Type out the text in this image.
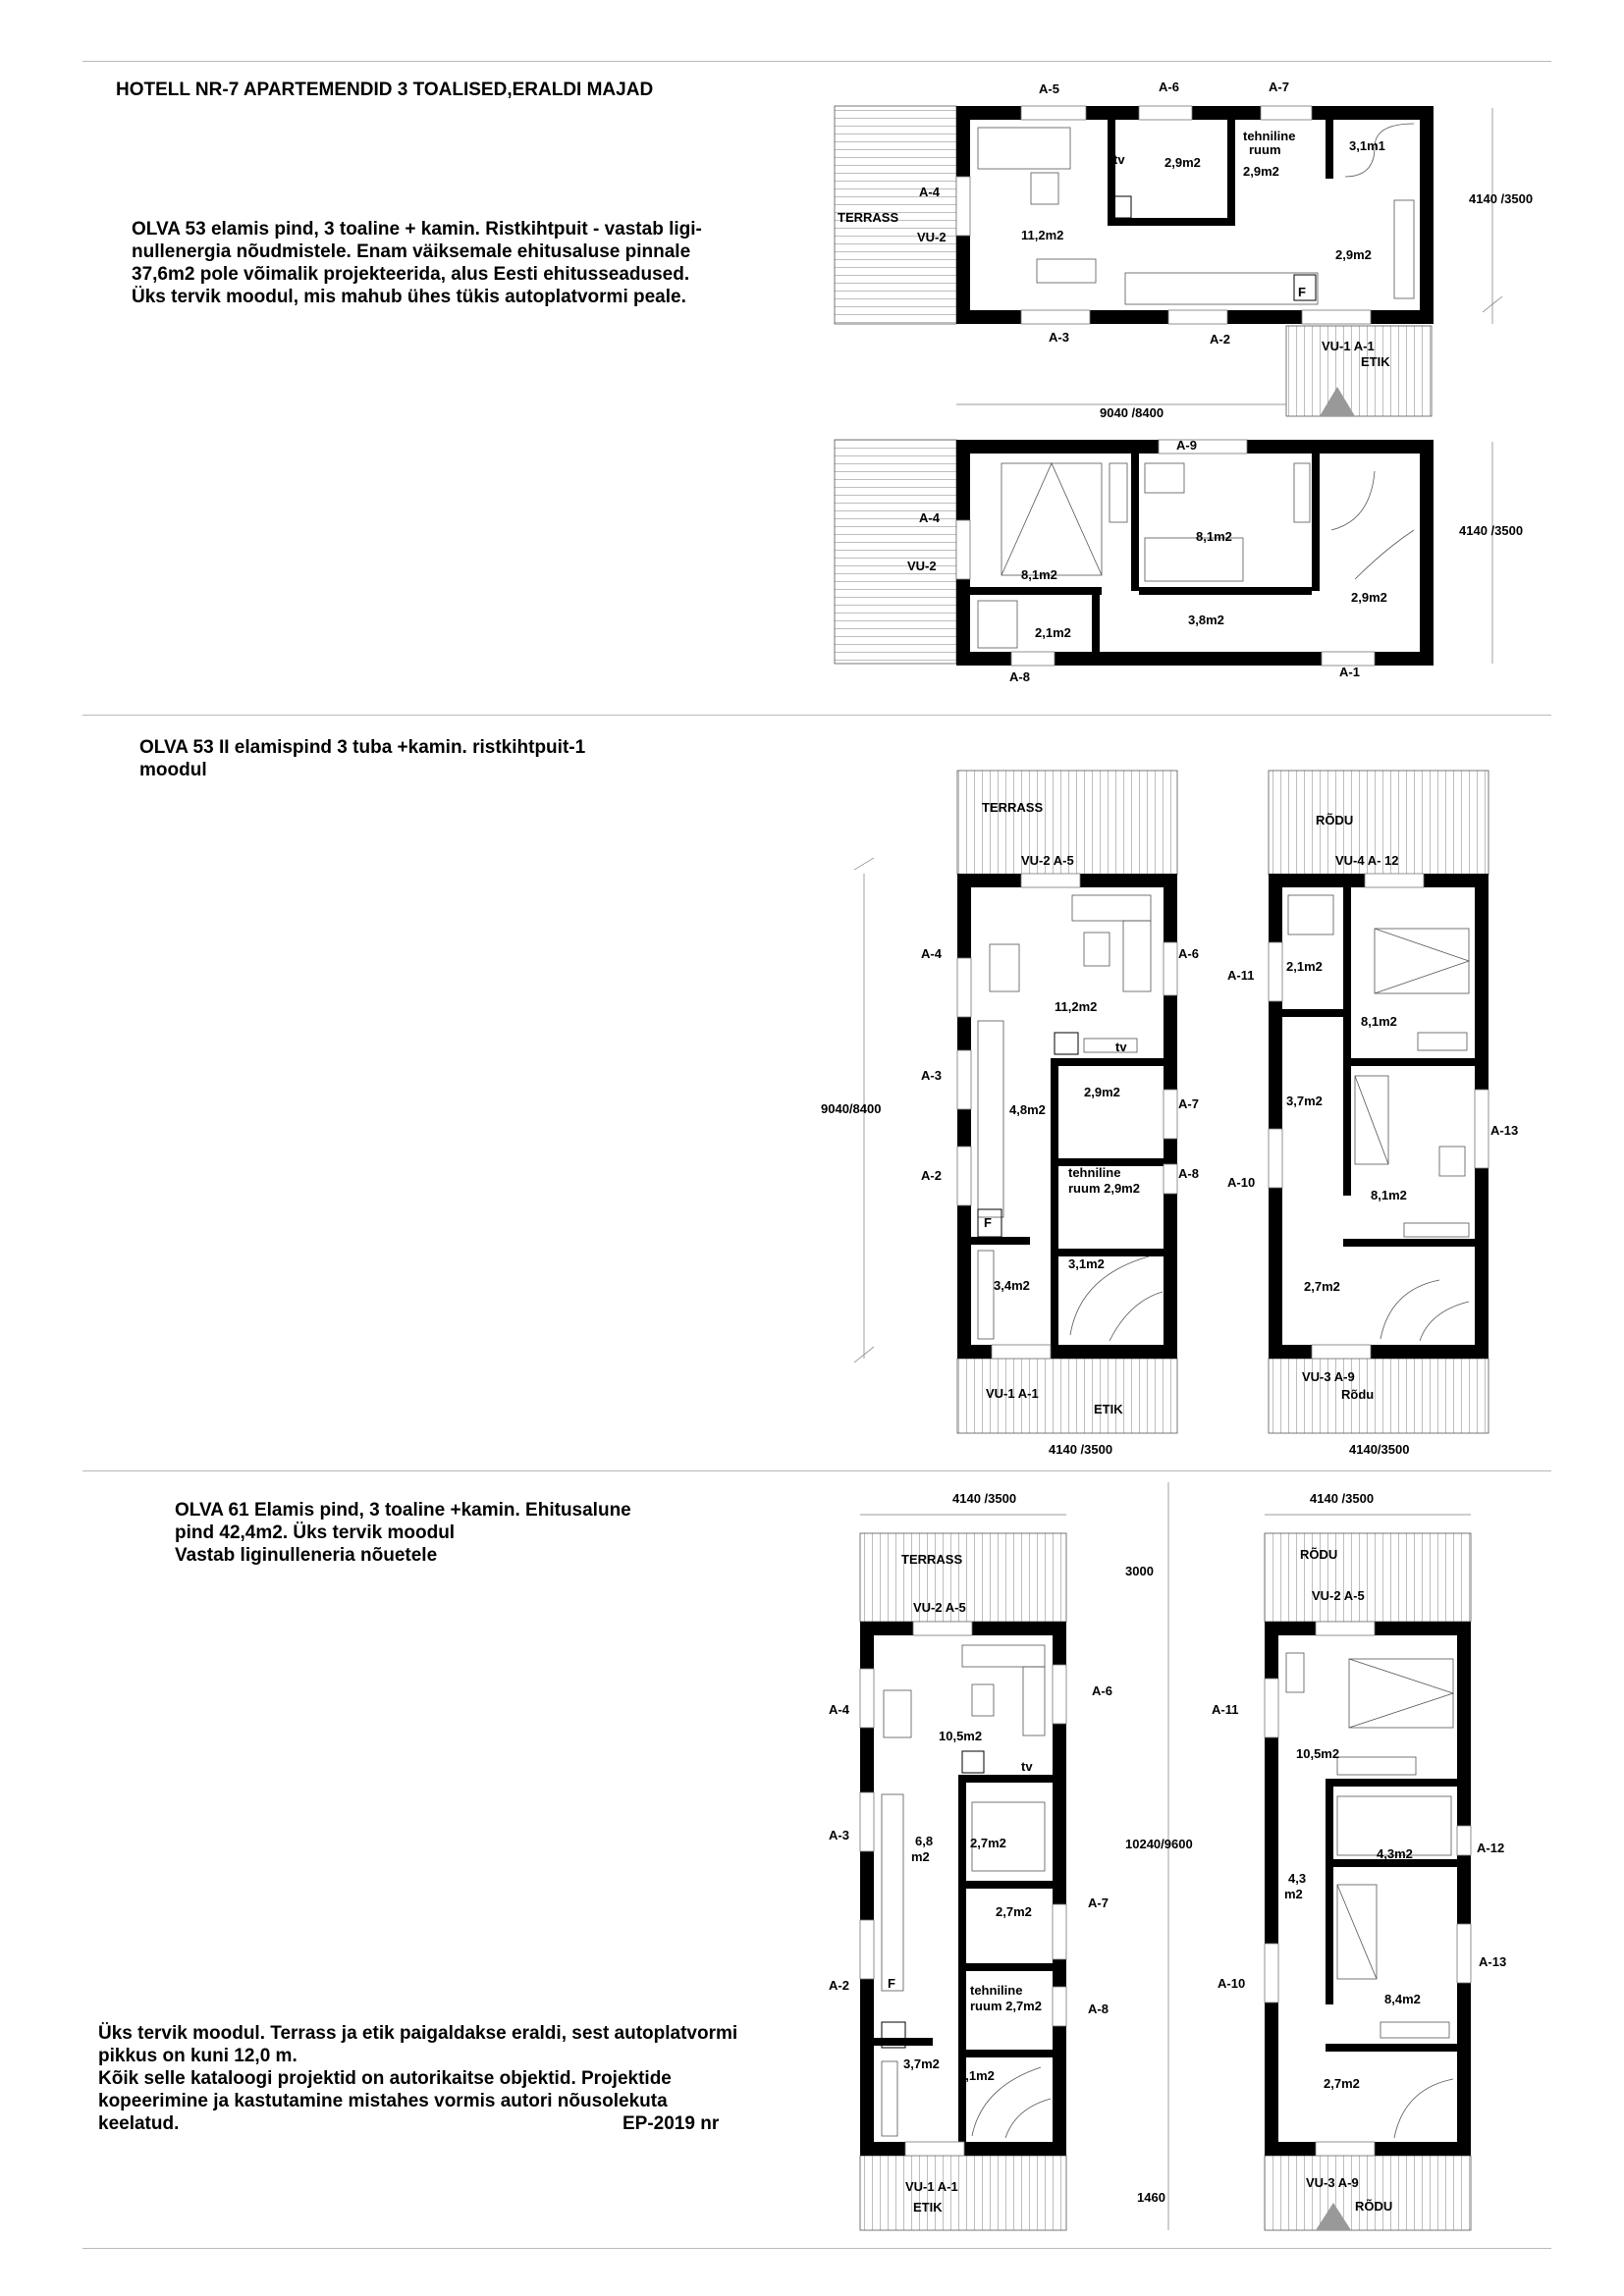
HOTELL NR-7 APARTEMENDID 3 TOALISED,ERALDI MAJAD
OLVA 53 elamis pind, 3 toaline + kamin. Ristkihtpuit - vastab ligi-
nullenergia nõudmistele. Enam väiksemale ehitusaluse pinnale
37,6m2 pole võimalik projekteerida, alus Eesti ehitusseadused.
Üks tervik moodul, mis mahub ühes tükis autoplatvormi peale.
OLVA 53 II elamispind 3 tuba +kamin. ristkihtpuit-1
moodul
OLVA 61 Elamis pind, 3 toaline +kamin. Ehitusalune
pind 42,4m2. Üks tervik moodul
Vastab liginulleneria nõuetele
Üks tervik moodul. Terrass ja etik paigaldakse eraldi, sest autoplatvormi
pikkus on kuni 12,0 m.
Kõik selle kataloogi projektid on autorikaitse objektid. Projektide
kopeerimine ja kastutamine mistahes vormis autori nõusolekuta
keelatud.	EP-2019 nr
A-5	A-6	A-7
tv	2,9m2
tehniline
ruum
2,9m2
3,1m1
4140 /3500
A-4
TERRASS
VU-2	11,2m2
2,9m2
F
A-3	A-2	VU-1 A-1
ETIK
9040 /8400
A-9
A-4
8,1m2	4140 /3500
VU-2
8,1m2
2,9m2
3,8m2
2,1m2
A-8	A-1
TERRASS
VU-2 A-5
A-4	A-6
11,2m2
tv
A-3
2,9m2
9040/8400	4,8m2	A-7
tehniline	A-8
A-2
ruum 2,9m2
F
3,1m2
3,4m2
VU-1 A-1
ETIK
4140 /3500
RÕDU
VU-4 A- 12
A-11
2,1m2
8,1m2
3,7m2
A-13
A-10
8,1m2
2,7m2
VU-3 A-9
Rõdu
4140/3500
4140 /3500
TERRASS
3000
VU-2 A-5
A-6
A-4
10,5m2
tv
2,7m2
A-3	6,8
m2
10240/9600
2,7m2
A-7
A-2	F	tehniline
ruum 2,7m2	A-8
3,7m2
3,1m2
VU-1 A-1
ETIK
1460
4140 /3500
RÕDU
VU-2 A-5
A-11
10,5m2
4,3m2	A-12
4,3
m2
A-13
A-10
8,4m2
2,7m2
VU-3 A-9
RÕDU
